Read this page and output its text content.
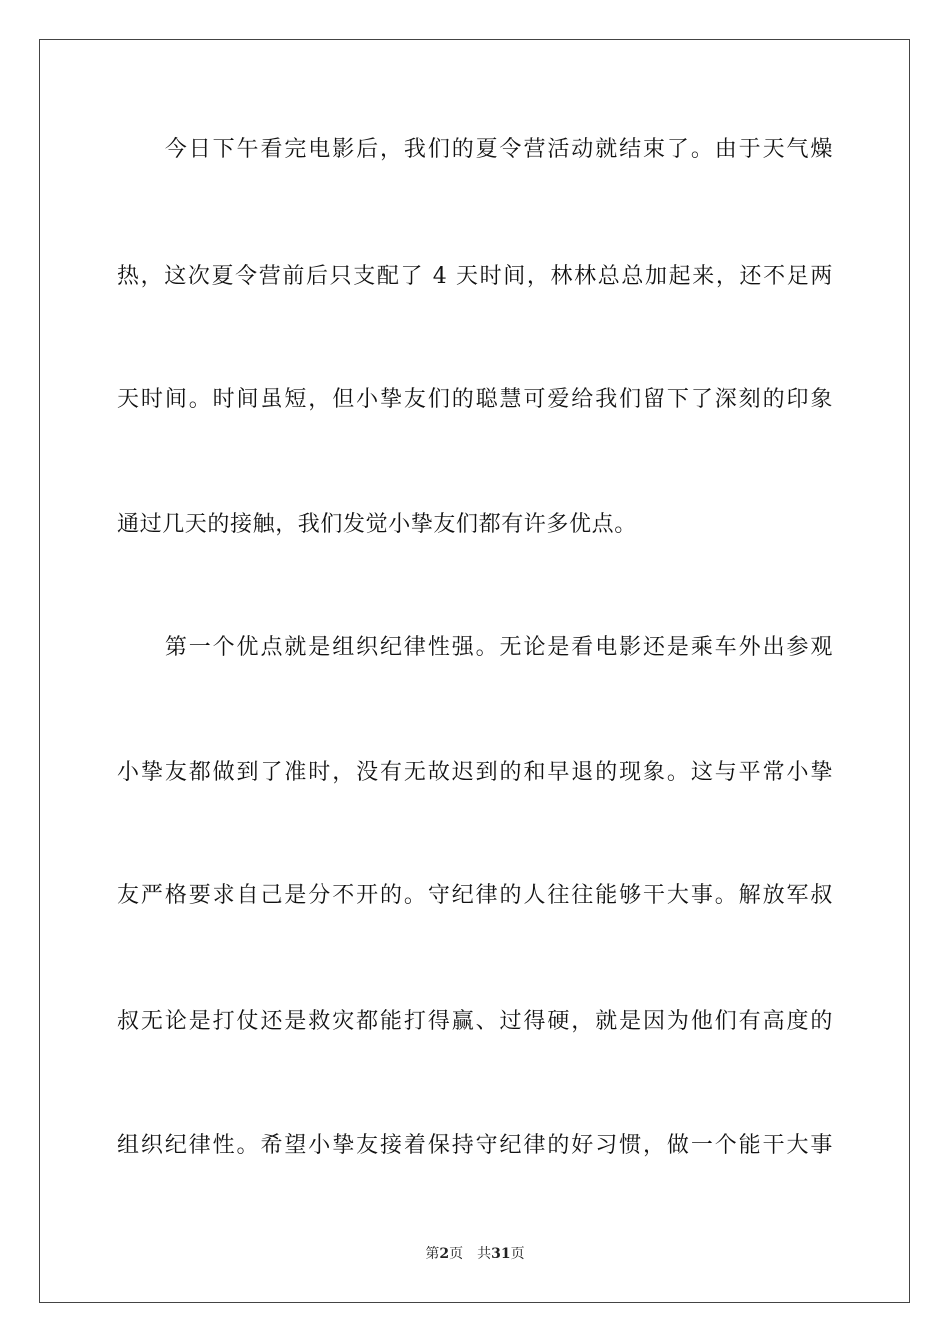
　　今日下午看完电影后，我们的夏令营活动就结束了。由于天气燥
热，这次夏令营前后只支配了 4 天时间，林林总总加起来，还不足两
天时间。时间虽短，但小挚友们的聪慧可爱给我们留下了深刻的印象
通过几天的接触，我们发觉小挚友们都有许多优点。
　　第一个优点就是组织纪律性强。无论是看电影还是乘车外出参观
小挚友都做到了准时，没有无故迟到的和早退的现象。这与平常小挚
友严格要求自己是分不开的。守纪律的人往往能够干大事。解放军叔
叔无论是打仗还是救灾都能打得赢、过得硬，就是因为他们有高度的
组织纪律性。希望小挚友接着保持守纪律的好习惯，做一个能干大事
第2页 共31页
